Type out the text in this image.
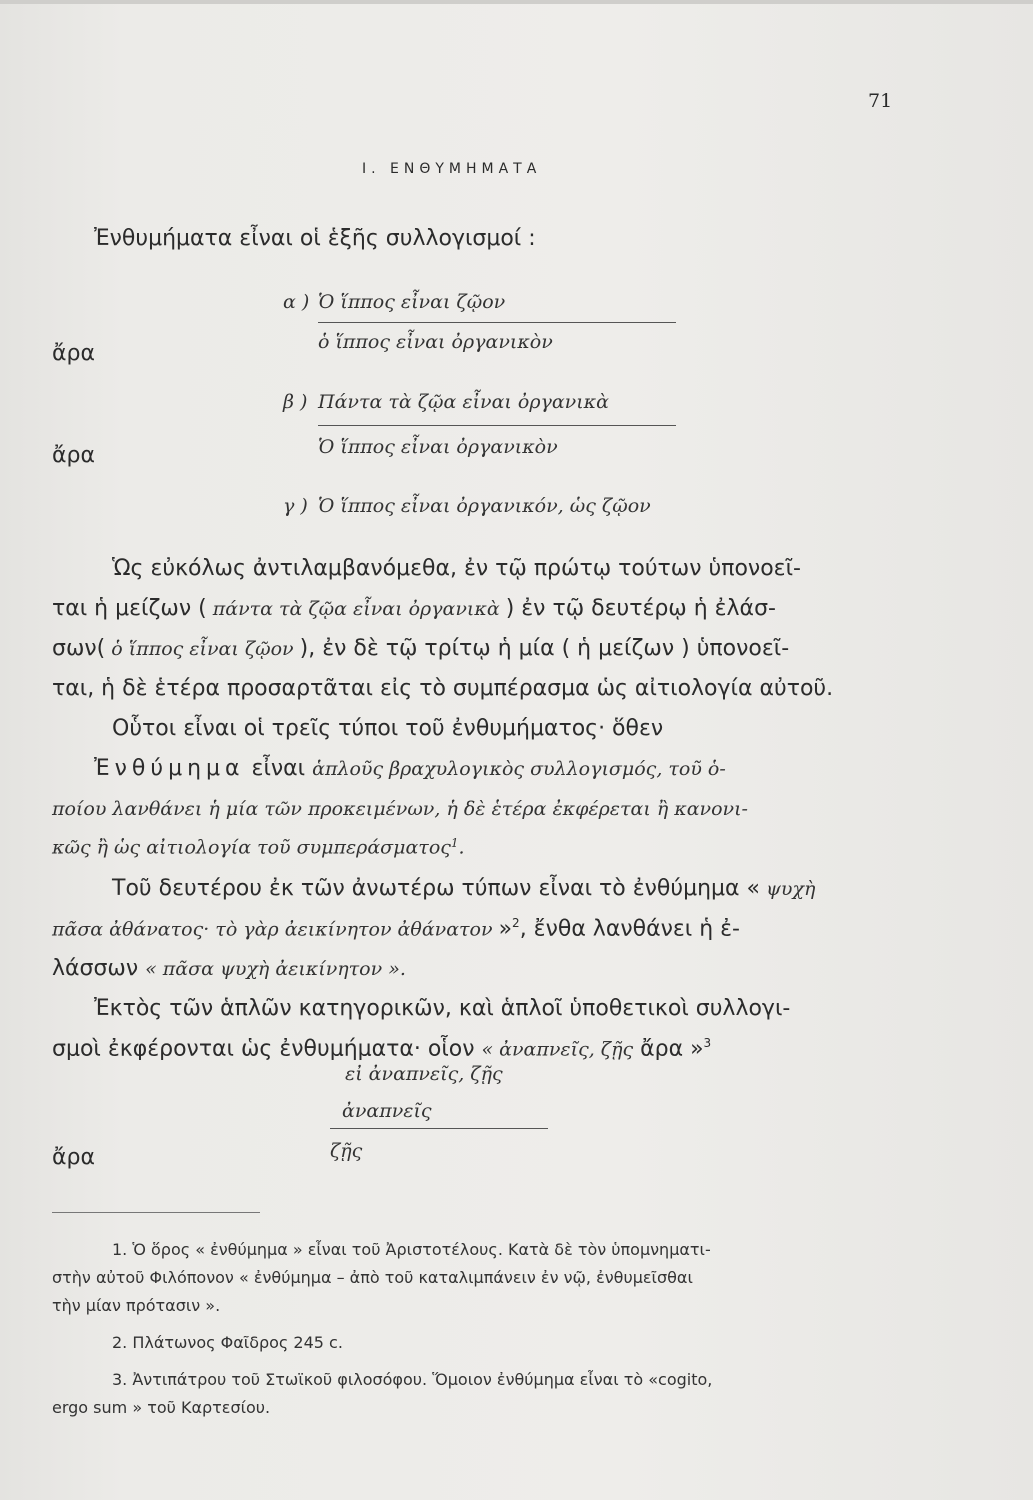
71
I. ΕΝΘΥΜΗΜΑΤΑ
Ἐνθυμήματα εἶναι οἱ ἑξῆς συλλογισμοί :
α ) Ὁ ἵππος εἶναι ζῷον
ἄρα	ὁ ἵππος εἶναι ὀργανικὸν
β ) Πάντα τὰ ζῷα εἶναι ὀργανικὰ
ἄρα	Ὁ ἵππος εἶναι ὀργανικὸν
γ ) Ὁ ἵππος εἶναι ὀργανικόν, ὡς ζῷον
Ὡς εὐκόλως ἀντιλαμβανόμεθα, ἐν τῷ πρώτῳ τούτων ὑπονοεῖ-
ται ἡ μείζων ( πάντα τὰ ζῷα εἶναι ὀργανικὰ ) ἐν τῷ δευτέρῳ ἡ ἐλάσ-
σων( ὁ ἵππος εἶναι ζῷον ), ἐν δὲ τῷ τρίτῳ ἡ μία ( ἡ μείζων ) ὑπονοεῖ-
ται, ἡ δὲ ἑτέρα προσαρτᾶται εἰς τὸ συμπέρασμα ὡς αἰτιολογία αὐτοῦ.
Οὗτοι εἶναι οἱ τρεῖς τύποι τοῦ ἐνθυμήματος· ὅθεν
Ἐνθύμημα εἶναι ἁπλοῦς βραχυλογικὸς συλλογισμός, τοῦ ὁ-
ποίου λανθάνει ἡ μία τῶν προκειμένων, ἡ δὲ ἑτέρα ἐκφέρεται ἢ κανονι-
κῶς ἢ ὡς αἰτιολογία τοῦ συμπεράσματος$^1$.
Τοῦ δευτέρου ἐκ τῶν ἀνωτέρω τύπων εἶναι τὸ ἐνθύμημα « ψυχὴ
πᾶσα ἀθάνατος· τὸ γὰρ ἀεικίνητον ἀθάνατον »$^2$, ἔνθα λανθάνει ἡ ἐ-
λάσσων « πᾶσα ψυχὴ ἀεικίνητον ».
Ἐκτὸς τῶν ἁπλῶν κατηγορικῶν, καὶ ἁπλοῖ ὑποθετικοὶ συλλογι-
σμοὶ ἐκφέρονται ὡς ἐνθυμήματα· οἷον « ἀναπνεῖς, ζῇς ἄρα »$^3$
εἰ ἀναπνεῖς, ζῇς
ἀναπνεῖς
ἄρα	ζῇς
1. Ὁ ὅρος « ἐνθύμημα » εἶναι τοῦ Ἀριστοτέλους. Κατὰ δὲ τὸν ὑπομνηματι-
στὴν αὐτοῦ Φιλόπονον « ἐνθύμημα – ἀπὸ τοῦ καταλιμπάνειν ἐν νῷ, ἐνθυμεῖσθαι
τὴν μίαν πρότασιν ».
2. Πλάτωνος Φαῖδρος 245 c.
3. Ἀντιπάτρου τοῦ Στωϊκοῦ φιλοσόφου. Ὅμοιον ἐνθύμημα εἶναι τὸ «cogito,
ergo sum » τοῦ Καρτεσίου.
